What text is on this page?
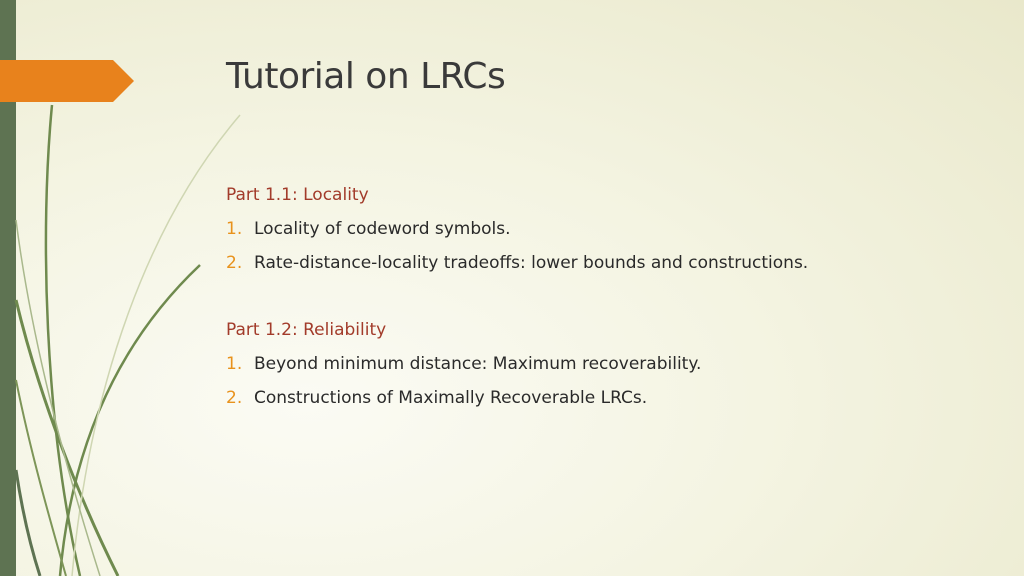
Tutorial on LRCs
Part 1.1: Locality
1. Locality of codeword symbols.
2. Rate-distance-locality tradeoffs: lower bounds and constructions.
Part 1.2: Reliability
1. Beyond minimum distance: Maximum recoverability.
2. Constructions of Maximally Recoverable LRCs.
